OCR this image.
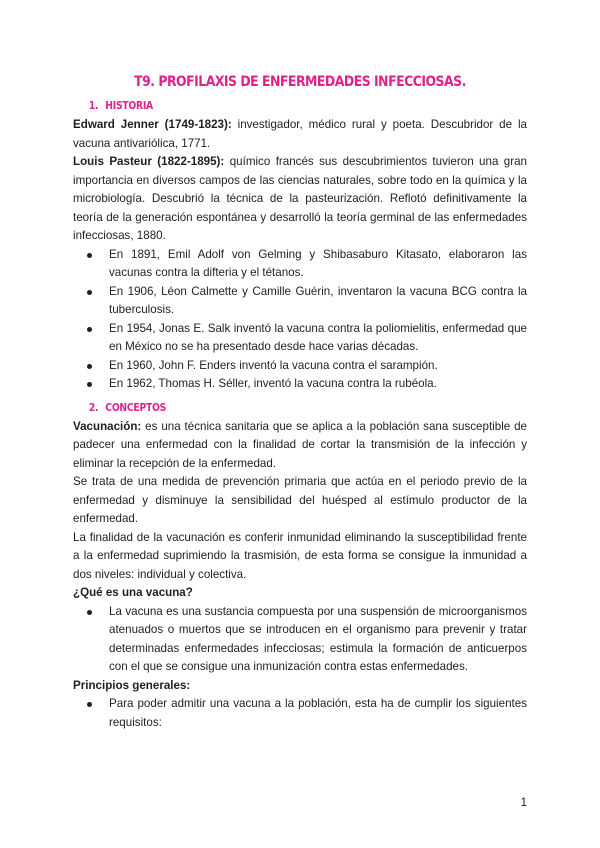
T9. PROFILAXIS DE ENFERMEDADES INFECCIOSAS.
1. HISTORIA

Edward Jenner (1749-1823): investigador, médico rural y poeta. Descubridor de la vacuna antivariólica, 1771.

Louis Pasteur (1822-1895): químico francés sus descubrimientos tuvieron una gran importancia en diversos campos de las ciencias naturales, sobre todo en la química y la microbiología. Descubrió la técnica de la pasteurización. Reflotó definitivamente la teoría de la generación espontánea y desarrolló la teoría germinal de las enfermedades infecciosas, 1880.

En 1891, Emil Adolf von Gelming y Shibasaburo Kitasato, elaboraron las vacunas contra la difteria y el tétanos.
En 1906, Léon Calmette y Camille Guérin, inventaron la vacuna BCG contra la tuberculosis.
En 1954, Jonas E. Salk inventó la vacuna contra la poliomielitis, enfermedad que en México no se ha presentado desde hace varias décadas.
En 1960, John F. Enders inventó la vacuna contra el sarampión.
En 1962, Thomas H. Séller, inventó la vacuna contra la rubéola.
2. CONCEPTOS

Vacunación: es una técnica sanitaria que se aplica a la población sana susceptible de padecer una enfermedad con la finalidad de cortar la transmisión de la infección y eliminar la recepción de la enfermedad.

Se trata de una medida de prevención primaria que actúa en el periodo previo de la enfermedad y disminuye la sensibilidad del huésped al estímulo productor de la enfermedad.

La finalidad de la vacunación es conferir inmunidad eliminando la susceptibilidad frente a la enfermedad suprimiendo la trasmisión, de esta forma se consigue la inmunidad a dos niveles: individual y colectiva.

¿Qué es una vacuna?

La vacuna es una sustancia compuesta por una suspensión de microorganismos atenuados o muertos que se introducen en el organismo para prevenir y tratar determinadas enfermedades infecciosas; estimula la formación de anticuerpos con el que se consigue una inmunización contra estas enfermedades.

Principios generales:

Para poder admitir una vacuna a la población, esta ha de cumplir los siguientes requisitos:
1
